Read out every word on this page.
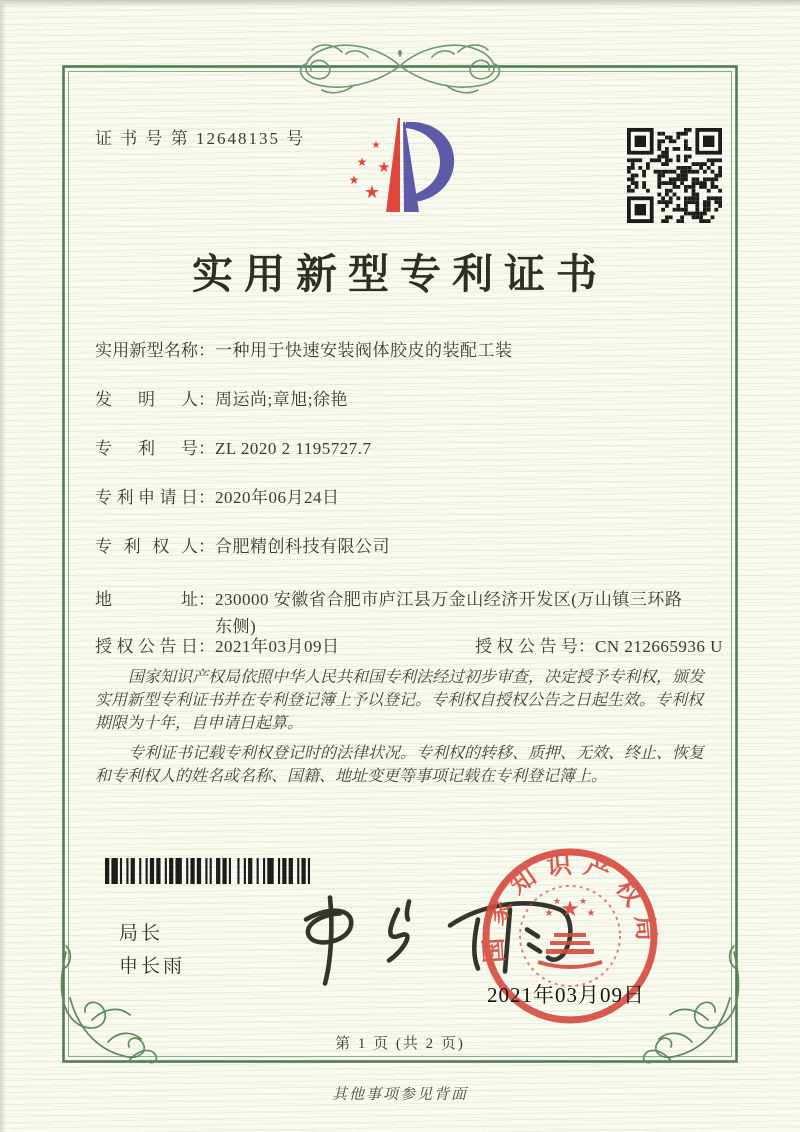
证 书 号 第 12648135 号	★
★ ★
★
★
实用新型专利证书
实用新型名称：一种用于快速安装阀体胶皮的装配工装
发明人：周运尚;章旭;徐艳
专利号：ZL 2020 2 1195727.7
专利申请日：2020年06月24日
专利权人：合肥精创科技有限公司
地址 ： 230000 安徽省合肥市庐江县万金山经济开发区(万山镇三环路东侧)
授权公告日：2021年03月09日	授权公告号：CN 212665936 U

国家知识产权局依照中华人民共和国专利法经过初步审查，决定授予专利权，颁发实用新型专利证书并在专利登记簿上予以登记。专利权自授权公告之日起生效。专利权期限为十年，自申请日起算。

专利证书记载专利权登记时的法律状况。专利权的转移、质押、无效、终止、恢复和专利权人的姓名或名称、国籍、地址变更等事项记载在专利登记簿上。

局长
申长雨
国家知识产权局
★
★	★
★ ★
2021年03月09日
第 1 页 (共 2 页)
其他事项参见背面
